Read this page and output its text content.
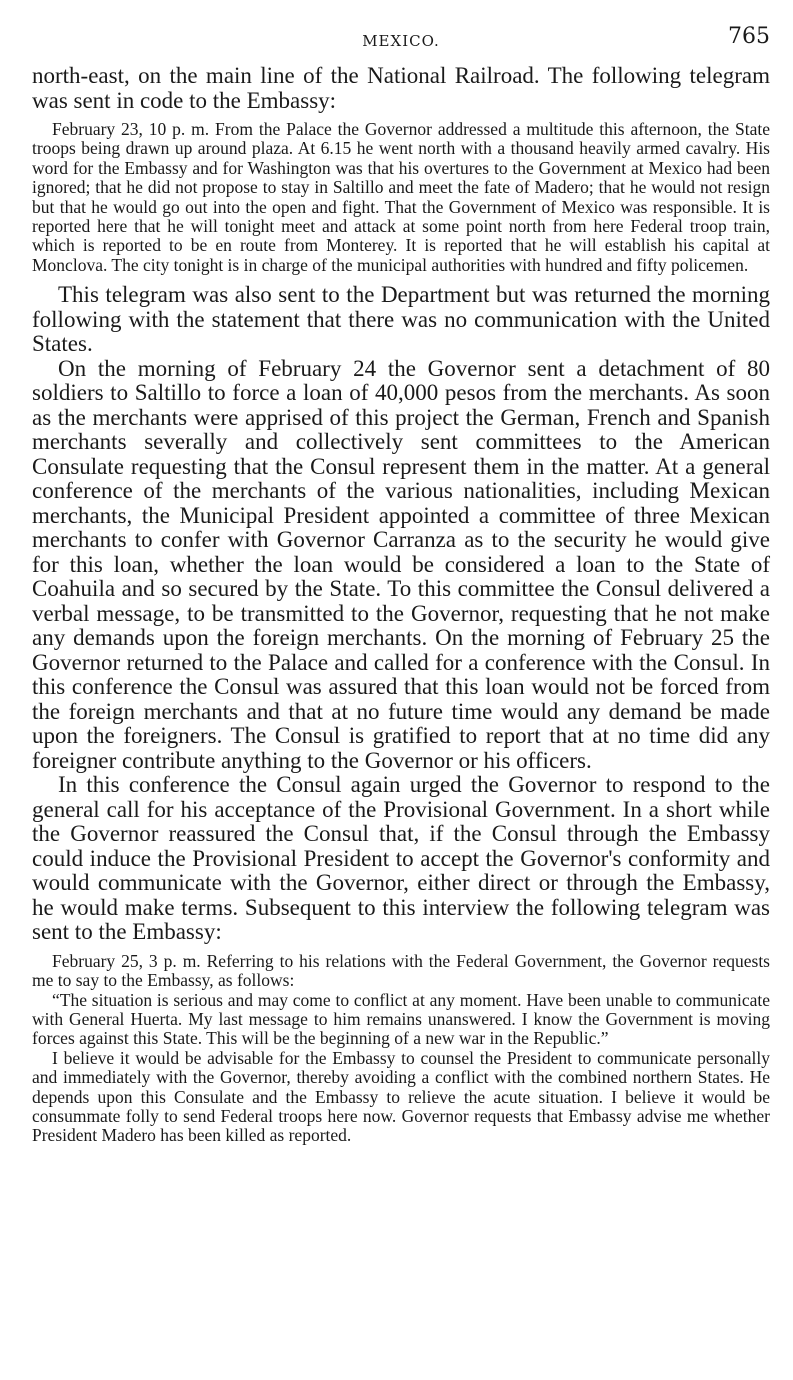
MEXICO.	765

north-east, on the main line of the National Railroad. The following telegram was sent in code to the Embassy:

February 23, 10 p. m. From the Palace the Governor addressed a multitude this afternoon, the State troops being drawn up around plaza. At 6.15 he went north with a thousand heavily armed cavalry. His word for the Embassy and for Washington was that his overtures to the Government at Mexico had been ignored; that he did not propose to stay in Saltillo and meet the fate of Madero; that he would not resign but that he would go out into the open and fight. That the Government of Mexico was responsible. It is reported here that he will tonight meet and attack at some point north from here Federal troop train, which is reported to be en route from Monterey. It is reported that he will establish his capital at Monclova. The city tonight is in charge of the municipal authorities with hundred and fifty policemen.

This telegram was also sent to the Department but was returned the morning following with the statement that there was no communication with the United States.

On the morning of February 24 the Governor sent a detachment of 80 soldiers to Saltillo to force a loan of 40,000 pesos from the merchants. As soon as the merchants were apprised of this project the German, French and Spanish merchants severally and collectively sent committees to the American Consulate requesting that the Consul represent them in the matter. At a general conference of the merchants of the various nationalities, including Mexican merchants, the Municipal President appointed a committee of three Mexican merchants to confer with Governor Carranza as to the security he would give for this loan, whether the loan would be considered a loan to the State of Coahuila and so secured by the State. To this committee the Consul delivered a verbal message, to be transmitted to the Governor, requesting that he not make any demands upon the foreign merchants. On the morning of February 25 the Governor returned to the Palace and called for a conference with the Consul. In this conference the Consul was assured that this loan would not be forced from the foreign merchants and that at no future time would any demand be made upon the foreigners. The Consul is gratified to report that at no time did any foreigner contribute anything to the Governor or his officers.

In this conference the Consul again urged the Governor to respond to the general call for his acceptance of the Provisional Government. In a short while the Governor reassured the Consul that, if the Consul through the Embassy could induce the Provisional President to accept the Governor's conformity and would communicate with the Governor, either direct or through the Embassy, he would make terms. Subsequent to this interview the following telegram was sent to the Embassy:

February 25, 3 p. m. Referring to his relations with the Federal Government, the Governor requests me to say to the Embassy, as follows:

“The situation is serious and may come to conflict at any moment. Have been unable to communicate with General Huerta. My last message to him remains unanswered. I know the Government is moving forces against this State. This will be the beginning of a new war in the Republic.”

I believe it would be advisable for the Embassy to counsel the President to communicate personally and immediately with the Governor, thereby avoiding a conflict with the combined northern States. He depends upon this Consulate and the Embassy to relieve the acute situation. I believe it would be consummate folly to send Federal troops here now. Governor requests that Embassy advise me whether President Madero has been killed as reported.
